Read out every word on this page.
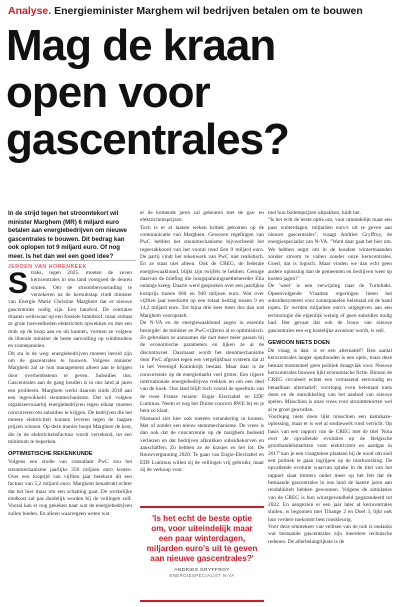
Analyse. Energieminister Marghem wil bedrijven betalen om te bouwen
Mag de kraan
open voor
gascentrales?
In de strijd tegen het stroomtekort wil minister Marghem (MR) 6 miljard euro betalen aan energiebedrijven om nieuwe gascentrales te bouwen. Dit bedrag kan ook oplopen tot 9 miljard euro. Of nog meer. Is het dan wel een goed idee?
JEROEN VAN HORENBEEK
S traks, tegen 2025, moeten de zeven kerncentrales in ons land voorgoed de deuren sluiten. Om de stroombevoorrading te verzekeren na de kernuitstap vindt minister van Energie Marie Christine Marghem dat er nieuwe gascentrales nodig zijn. Een handvol. De centrales draaien weliswaar op een fossiele brandstof, maar ontlaat ze grote hoeveelheden elektriciteit opwekken en met een druk op de knop aan en uit kunnen, vormen ze volgens de liberale minister de beste aanvulling op windmolens en zonnepanelen.

Dit sta in de weg: energiebedrijven moeten bereid zijn om de gascentrales te bouwen. Volgens minister Marghem zal ze hun management alleen aan te krijgen door overheidssteun te geven. Subsidies dus. Gascentrales aan de gang houden is in ons land al jaren een probleem. Marghem werkt daarom sinds 2018 aan een ingewikkeld steunmechanisme. Dat wil volgens organiseerwaarbij energiebedrijven tegen elkaar moeten concurreren om subsidies te krijgen. De bedrijven die het meeste elektriciteit kunnen leveren tegen de laagste prijzen winnen. Op deze manier hoopt Marghem de kost, die in de elektriciteitsfactuur wordt verrekend, tot een minimum te beperken.

OPTIMISTISCHE REKENKUNDE

Volgens een studie van consultant PwC zou het steunmechanisme jaarlijks 350 miljoen euro kosten. Over een looptijd van vijftien jaar betekent dit een factuur van 5,2 miljard euro. Marghem benadrukt echter dat het hier maar om een schatting gaat. De werkelijke eindkost zal pas duidelijk worden bij de veilingen zelf. Vooral kan er nog gekeken naar wat de energiebedrijven zullen bieden. En alleen waarregeen weten wat

er de komende jaren zal gebeuren met de gas- en elektriciteitsprijzen.

Toch is er al laatste weken kritiek gekomen op de communicatie van Marghem. Gewezen regelingen van PwC hebben het steunmechanisme bijvoorbeeld het regeerakkoord van het vooral rond Een 9 miljard euro. De partij vindt het rekenwerk van PwC niet realistisch. En ze staat niet alleen. Ook de CREG, de federale energiewaakhond, blijkt zijn twijfels te hebben. Getuige daarvan de briefing die hoogspanningsnetbeheerder Elia onlangs kreeg. Daarin werd gesproken over een jaarlijkse kostprijs tussen 600 en 940 miljoen euro. Wat over vijftien jaar neerkomt op een totaal bedrag tussen 9 en 14,2 miljard euro. Tot bijna drie keer meer dus dan wat Marghem vooropstelt.

De N-VA en de energiewaakhond zegen in essentie bezorgde: de minister en PwC-cijferen al te optimistisch. Zo gebruiken ze aannames die niet meer meer passen bij de economische parameters en lijken ze al de discontovoet. Daarnaast wordt het steunmechanisme door PwC afgezet tegen een vergelijkbaar systeem dat al in het Verenigd Koninkrijk bestaat. Maar daar is de concurrentie op de energiemarkt veel groter. Een rijpere internationale energiebedrijven trekken en om een deel van de koek. Ons land blijft toch vooral de speeltuin van de twee Franse reuzen: Engie Electrabel en EDF Luminus. Neem er nog het Duitse concern RWE bij en je bent zo klaar.

Niemand ziet hier ook meteen verandering in komen. Met of zonder een nieuw steunmechanisme. De vrees is dan ook dat de concurrentie op de marghem bedoeld verliezen en dat bedrijven afknikken subsidiekorven en aanschaffen. Zo hebben ze de krasjes en het lot. De Bouwvergunning 2020. Te gaan van Engie-Electrabel en EDF Luminus willen zij de veilingen vrij gebruikt, maar zij de verkoop voor

'Is het echt de beste optie om, voor uiteindelijk maar een paar winterdagen, miljarden euro's uit te geven aan nieuwe gascentrales?'
ANDRIES GRYFFROY
ENERGIESPECIALIST N-VA

met hun bodemprijzen uitpakken, luidt het.

"Is het echt de beste optie om, voor uiteindelijk maar een paar winterdagen, miljarden euro's uit te geven aan nieuwe gascentrales", vraagt Andries Gryffroy, de energiespecialist van N-VA. "Want daar gaat het hier om. We hebben angst om in de koudste wintermaanden zonder stroom te vallen zonder onze kerncentrales. Goed, dat is logisch. Maar vinden we dan echt geen andere oplossing dan de gemeenten en bedrijven weer op kosten jagen?"

De 'weer' is een verwijzing naar de Turteltaks. Opeenvolgende Vlaamse regeringen lieten het subsidiesysteem voor zonnepanelen helemaal uit de hand lopen. Er werden miljarden euro's uitgegeven aan een technologie die eigenlijk weinig of geen subsidies nodig had. Het gevaar dat ook de bouw van nieuwe gascentrales een erg kostelijke avontuur wordt, is reël.

GEWOON NIETS DOEN

De vraag is dan: is er een alternatief? Ben aantal kerncentrales langer openhouden is een optie, maar deze bestaat momenteel geen politiek draagvlak voor. Nieuwe kerncentrales bouwen lijkt economische fictie. Binnen de CREG circuleert echter een verrassend eenvoudig en betaalbaar alternatief: voorlopig even helemaal niets doen en de ontwikkeling van het aanbod van nieuwe spelen. Misschien is onze vrees voor stroomtekorten wel al te groot geworden.

Voorlopig niets doen lijkt misschien een kamikaze-oplossing, maar er is wel al studiewerk rond verricht. Op basis van een rapport van de CREG met de titel 'Nota over de opvallende evoluties op de Belgische groothandelsmarkten voor elektriciteit en aardgas in 2017' kan je een vraagteken plaatsen bij de nood om snel een politiek te gaan ingrijpen op de markwerking. De opvallende evolutie waarvan sprake in de titel van het rapport slaat immers onder meer op het feit dat de bestaande gascentrales in ons land de laatste jaren aan rendabiliteit hebben gewonnen. Volgens de simulaties van de CREG is hun winstgevendheid gegarandeerd tot 2022. En aangezien er een jaar later al kerncentrales sluiten, is begonnen met Tihange 2 en Doel 3, lijkt ook hun verdere toekomst best rooskleurig.

Voor deze ommekeer van veiltsee van de ook is ondanks wat bestaande gascentrales zijn meerdere technische redenen. De allerbelangrijkste is de
